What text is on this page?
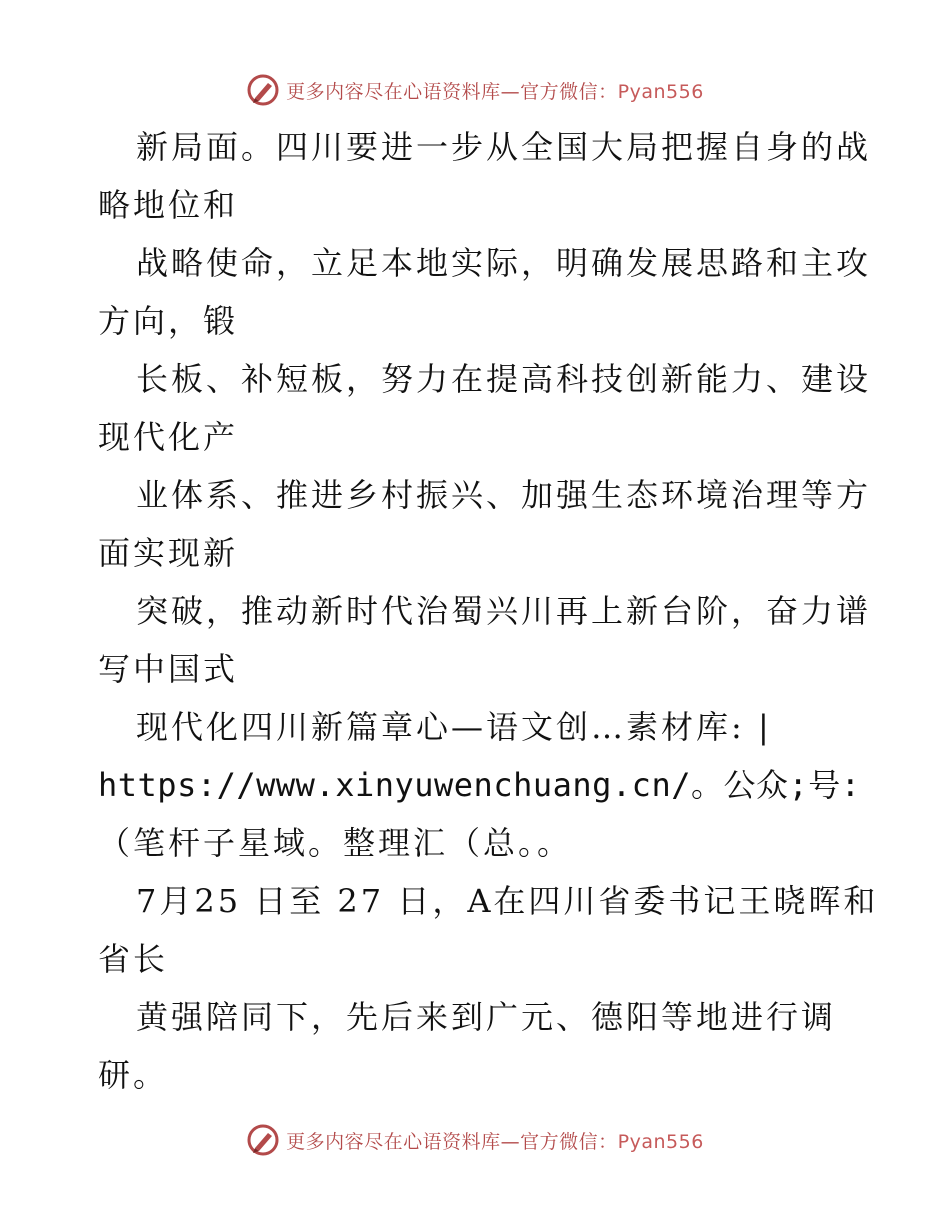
更多内容尽在心语资料库—官方微信：Pyan556
新局面。四川要进一步从全国大局把握自身的战
略地位和
战略使命，立足本地实际，明确发展思路和主攻
方向，锻
长板、补短板，努力在提高科技创新能力、建设
现代化产
业体系、推进乡村振兴、加强生态环境治理等方
面实现新
突破，推动新时代治蜀兴川再上新台阶，奋力谱
写中国式
现代化四川新篇章心—语文创…素材库: |
https://www.xinyuwenchuang.cn/。公众;号:
（笔杆子星域。整理汇（总。。
7月25 日至 27 日，A在四川省委书记王晓晖和
省长
黄强陪同下，先后来到广元、德阳等地进行调
研。
更多内容尽在心语资料库—官方微信：Pyan556
